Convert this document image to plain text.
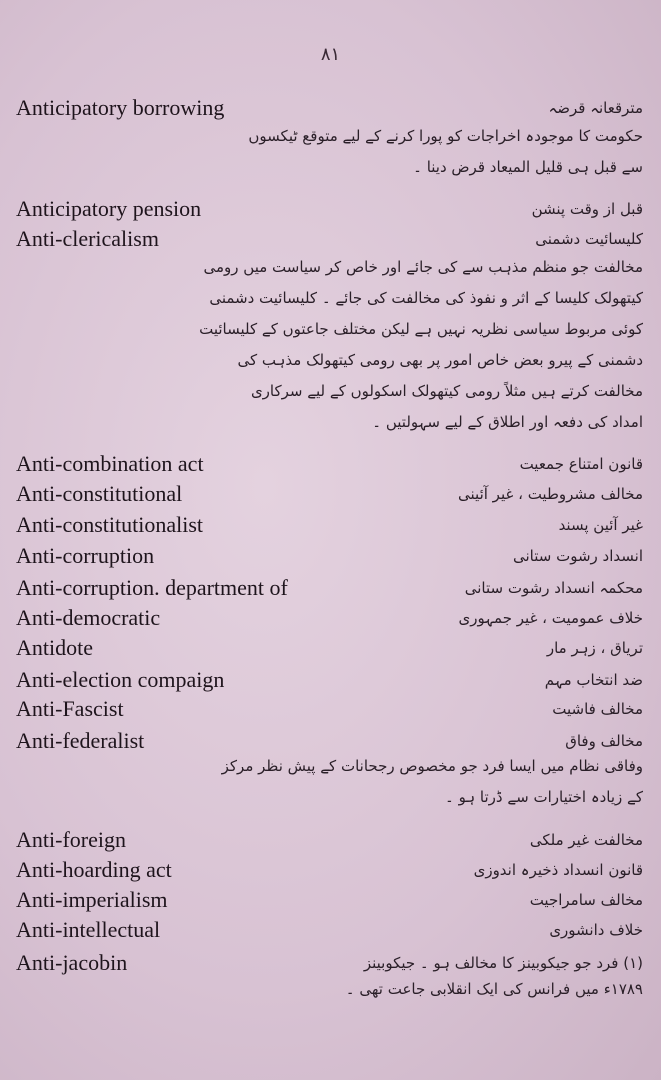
۸۱
Anticipatory borrowing	مترقعانہ قرضہ
حکومت کا موجودہ اخراجات کو پورا کرنے کے لیے متوقع ٹیکسوں
سے قبل ہی قلیل المیعاد قرض دینا ۔
Anticipatory pension	قبل از وقت پنشن
Anti-clericalism	کلیسائیت دشمنی
مخالفت جو منظم مذہب سے کی جائے اور خاص کر سیاست میں رومی
کیتھولک کلیسا کے اثر و نفوذ کی مخالفت کی جائے ۔ کلیسائیت دشمنی
کوئی مربوط سیاسی نظریہ نہیں ہے لیکن مختلف جاعتوں کے کلیسائیت
دشمنی کے پیرو بعض خاص امور پر بھی رومی کیتھولک مذہب کی
مخالفت کرتے ہیں مثلاً رومی کیتھولک اسکولوں کے لیے سرکاری
امداد کی دفعہ اور اطلاق کے لیے سہولتیں ۔
Anti-combination act	قانون امتناع جمعیت
Anti-constitutional	مخالف مشروطیت ، غیر آئینی
Anti-constitutionalist	غیر آئین پسند
Anti-corruption	انسداد رشوت ستانی
Anti-corruption. department of	محکمہ انسداد رشوت ستانی
Anti-democratic	خلاف عمومیت ، غیر جمہوری
Antidote	تریاق ، زہر مار
Anti-election compaign	ضد انتخاب مہم
Anti-Fascist	مخالف فاشیت
Anti-federalist	مخالف وفاق
وفاقی نظام میں ایسا فرد جو مخصوص رجحانات کے پیش نظر مرکز
کے زیادہ اختیارات سے ڈرتا ہو ۔
Anti-foreign	مخالفت غیر ملکی
Anti-hoarding act	قانون انسداد ذخیرہ اندوزی
Anti-imperialism	مخالف سامراجیت
Anti-intellectual	خلاف دانشوری
Anti-jacobin	(۱) فرد جو جیکوبینز کا مخالف ہو ۔ جیکوبینز
۱۷۸۹ء میں فرانس کی ایک انقلابی جاعت تھی ۔
